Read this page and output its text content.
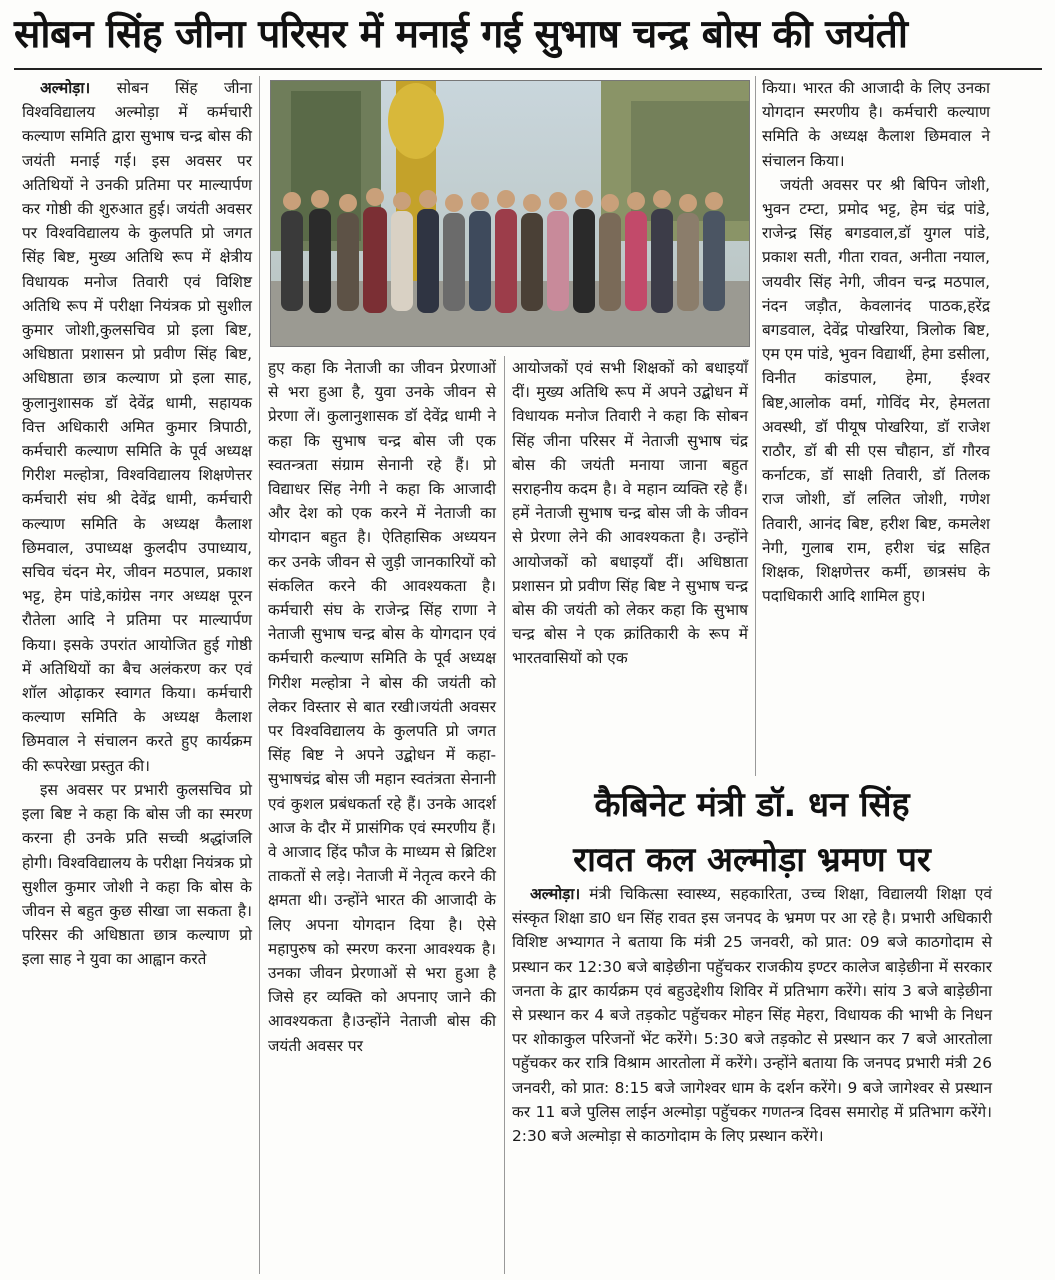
सोबन सिंह जीना परिसर में मनाई गई सुभाष चन्द्र बोस की जयंती

अल्मोड़ा। सोबन सिंह जीना विश्वविद्यालय अल्मोड़ा में कर्मचारी कल्याण समिति द्वारा सुभाष चन्द्र बोस की जयंती मनाई गई। इस अवसर पर अतिथियों ने उनकी प्रतिमा पर माल्यार्पण कर गोष्ठी की शुरुआत हुई। जयंती अवसर पर विश्वविद्यालय के कुलपति प्रो जगत सिंह बिष्ट, मुख्य अतिथि रूप में क्षेत्रीय विधायक मनोज तिवारी एवं विशिष्ट अतिथि रूप में परीक्षा नियंत्रक प्रो सुशील कुमार जोशी,कुलसचिव प्रो इला बिष्ट, अधिष्ठाता प्रशासन प्रो प्रवीण सिंह बिष्ट, अधिष्ठाता छात्र कल्याण प्रो इला साह, कुलानुशासक डॉ देवेंद्र धामी, सहायक वित्त अधिकारी अमित कुमार त्रिपाठी, कर्मचारी कल्याण समिति के पूर्व अध्यक्ष गिरीश मल्होत्रा, विश्वविद्यालय शिक्षणेत्तर कर्मचारी संघ श्री देवेंद्र धामी, कर्मचारी कल्याण समिति के अध्यक्ष कैलाश छिमवाल, उपाध्यक्ष कुलदीप उपाध्याय, सचिव चंदन मेर, जीवन मठपाल, प्रकाश भट्ट, हेम पांडे,कांग्रेस नगर अध्यक्ष पूरन रौतेला आदि ने प्रतिमा पर माल्यार्पण किया। इसके उपरांत आयोजित हुई गोष्ठी में अतिथियों का बैच अलंकरण कर एवं शॉल ओढ़ाकर स्वागत किया। कर्मचारी कल्याण समिति के अध्यक्ष कैलाश छिमवाल ने संचालन करते हुए कार्यक्रम की रूपरेखा प्रस्तुत की।

इस अवसर पर प्रभारी कुलसचिव प्रो इला बिष्ट ने कहा कि बोस जी का स्मरण करना ही उनके प्रति सच्ची श्रद्धांजलि होगी। विश्वविद्यालय के परीक्षा नियंत्रक प्रो सुशील कुमार जोशी ने कहा कि बोस के जीवन से बहुत कुछ सीखा जा सकता है। परिसर की अधिष्ठाता छात्र कल्याण प्रो इला साह ने युवा का आह्वान करते

हुए कहा कि नेताजी का जीवन प्रेरणाओं से भरा हुआ है, युवा उनके जीवन से प्रेरणा लें। कुलानुशासक डॉ देवेंद्र धामी ने कहा कि सुभाष चन्द्र बोस जी एक स्वतन्त्रता संग्राम सेनानी रहे हैं। प्रो विद्याधर सिंह नेगी ने कहा कि आजादी और देश को एक करने में नेताजी का योगदान बहुत है। ऐतिहासिक अध्ययन कर उनके जीवन से जुड़ी जानकारियों को संकलित करने की आवश्यकता है। कर्मचारी संघ के राजेन्द्र सिंह राणा ने नेताजी सुभाष चन्द्र बोस के योगदान एवं कर्मचारी कल्याण समिति के पूर्व अध्यक्ष गिरीश मल्होत्रा ने बोस की जयंती को लेकर विस्तार से बात रखी।जयंती अवसर पर विश्वविद्यालय के कुलपति प्रो जगत सिंह बिष्ट ने अपने उद्बोधन में कहा-सुभाषचंद्र बोस जी महान स्वतंत्रता सेनानी एवं कुशल प्रबंधकर्ता रहे हैं। उनके आदर्श आज के दौर में प्रासंगिक एवं स्मरणीय हैं। वे आजाद हिंद फौज के माध्यम से ब्रिटिश ताकतों से लड़े। नेताजी में नेतृत्व करने की क्षमता थी। उन्होंने भारत की आजादी के लिए अपना योगदान दिया है। ऐसे महापुरुष को स्मरण करना आवश्यक है। उनका जीवन प्रेरणाओं से भरा हुआ है जिसे हर व्यक्ति को अपनाए जाने की आवश्यकता है।उन्होंने नेताजी बोस की जयंती अवसर पर

आयोजकों एवं सभी शिक्षकों को बधाइयाँ दीं। मुख्य अतिथि रूप में अपने उद्बोधन में विधायक मनोज तिवारी ने कहा कि सोबन सिंह जीना परिसर में नेताजी सुभाष चंद्र बोस की जयंती मनाया जाना बहुत सराहनीय कदम है। वे महान व्यक्ति रहे हैं। हमें नेताजी सुभाष चन्द्र बोस जी के जीवन से प्रेरणा लेने की आवश्यकता है। उन्होंने आयोजकों को बधाइयाँ दीं। अधिष्ठाता प्रशासन प्रो प्रवीण सिंह बिष्ट ने सुभाष चन्द्र बोस की जयंती को लेकर कहा कि सुभाष चन्द्र बोस ने एक क्रांतिकारी के रूप में भारतवासियों को एक

किया। भारत की आजादी के लिए उनका योगदान स्मरणीय है। कर्मचारी कल्याण समिति के अध्यक्ष कैलाश छिमवाल ने संचालन किया।

जयंती अवसर पर श्री बिपिन जोशी, भुवन टम्टा, प्रमोद भट्ट, हेम चंद्र पांडे, राजेन्द्र सिंह बगडवाल,डॉ युगल पांडे, प्रकाश सती, गीता रावत, अनीता नयाल, जयवीर सिंह नेगी, जीवन चन्द्र मठपाल, नंदन जड़ौत, केवलानंद पाठक,हरेंद्र बगडवाल, देवेंद्र पोखरिया, त्रिलोक बिष्ट, एम एम पांडे, भुवन विद्यार्थी, हेमा डसीला, विनीत कांडपाल, हेमा, ईश्वर बिष्ट,आलोक वर्मा, गोविंद मेर, हेमलता अवस्थी, डॉ पीयूष पोखरिया, डॉ राजेश राठौर, डॉ बी सी एस चौहान, डॉ गौरव कर्नाटक, डॉ साक्षी तिवारी, डॉ तिलक राज जोशी, डॉ ललित जोशी, गणेश तिवारी, आनंद बिष्ट, हरीश बिष्ट, कमलेश नेगी, गुलाब राम, हरीश चंद्र सहित शिक्षक, शिक्षणेत्तर कर्मी, छात्रसंघ के पदाधिकारी आदि शामिल हुए।

कैबिनेट मंत्री डॉ. धन सिंह
रावत कल अल्मोड़ा भ्रमण पर

अल्मोड़ा। मंत्री चिकित्सा स्वास्थ्य, सहकारिता, उच्च शिक्षा, विद्यालयी शिक्षा एवं संस्कृत शिक्षा डा0 धन सिंह रावत इस जनपद के भ्रमण पर आ रहे है। प्रभारी अधिकारी विशिष्ट अभ्यागत ने बताया कि मंत्री 25 जनवरी, को प्रात: 09 बजे काठगोदाम से प्रस्थान कर 12:30 बजे बाड़ेछीना पहुॅचकर राजकीय इण्टर कालेज बाड़ेछीना में सरकार जनता के द्वार कार्यक्रम एवं बहुउद्देशीय शिविर में प्रतिभाग करेंगे। सांय 3 बजे बाड़ेछीना से प्रस्थान कर 4 बजे तड़कोट पहुॅचकर मोहन सिंह मेहरा, विधायक की भाभी के निधन पर शोकाकुल परिजनों भेंट करेंगे। 5:30 बजे तड़कोट से प्रस्थान कर 7 बजे आरतोला पहुॅचकर कर रात्रि विश्राम आरतोला में करेंगे। उन्होंने बताया कि जनपद प्रभारी मंत्री 26 जनवरी, को प्रात: 8:15 बजे जागेश्वर धाम के दर्शन करेंगे। 9 बजे जागेश्वर से प्रस्थान कर 11 बजे पुलिस लाईन अल्मोड़ा पहुॅचकर गणतन्त्र दिवस समारोह में प्रतिभाग करेंगे। 2:30 बजे अल्मोड़ा से काठगोदाम के लिए प्रस्थान करेंगे।
